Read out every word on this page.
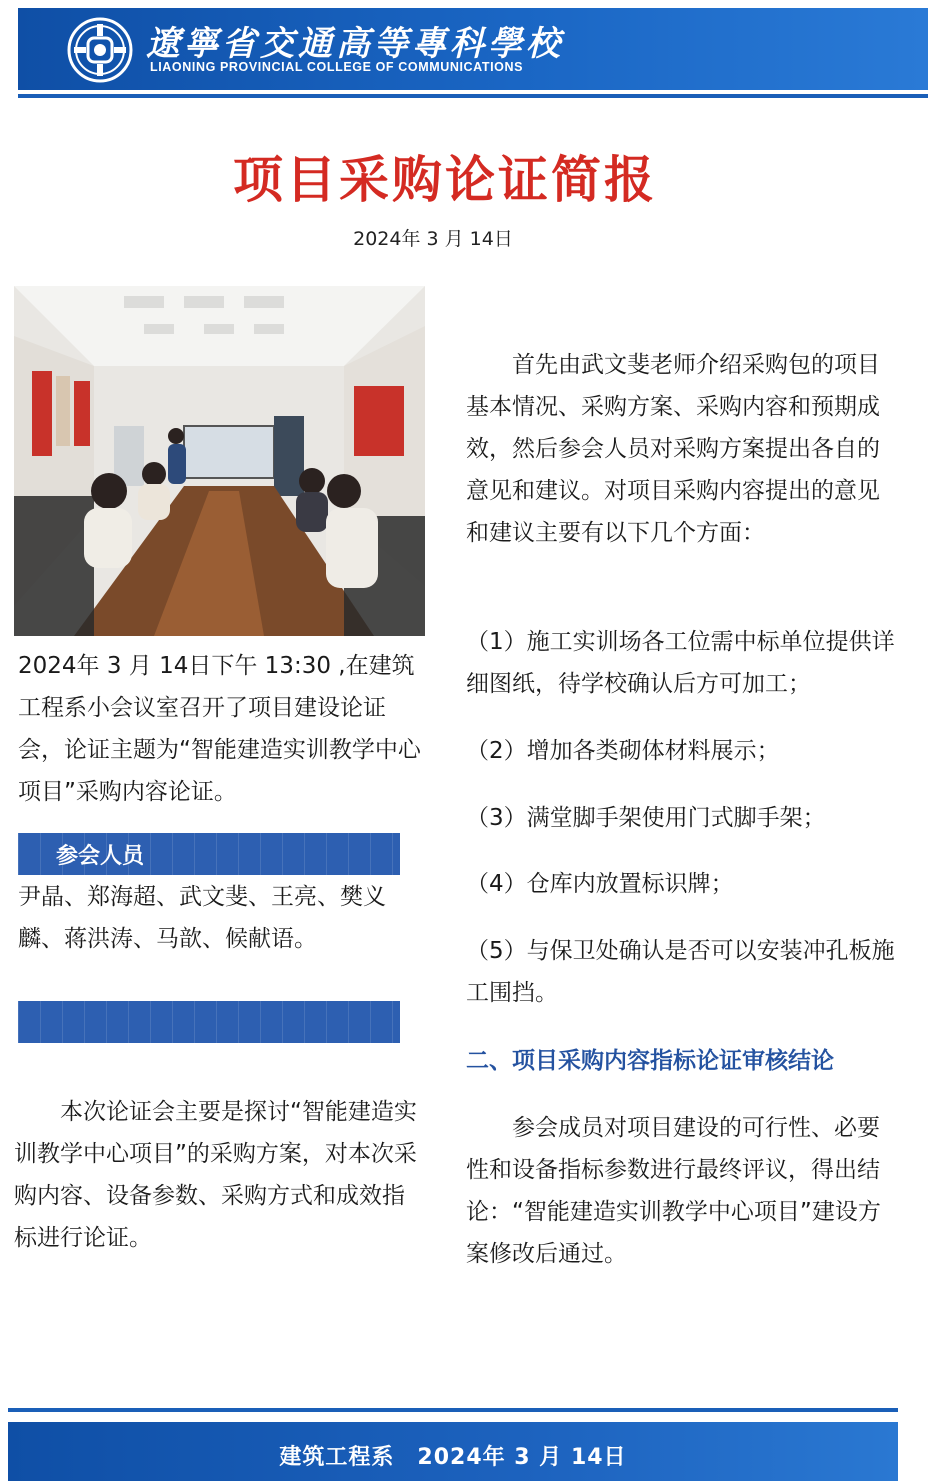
遼寧省交通高等專科學校
LIAONING PROVINCIAL COLLEGE OF COMMUNICATIONS
项目采购论证简报
2024年 3 月 14日
2024年 3 月 14日下午 13:30 ,在建筑工程系小会议室召开了项目建设论证会，论证主题为“智能建造实训教学中心项目”采购内容论证。
参会人员
尹晶、郑海超、武文斐、王亮、樊义麟、蒋洪涛、马歆、候献语。
本次论证会主要是探讨“智能建造实训教学中心项目”的采购方案，对本次采购内容、设备参数、采购方式和成效指标进行论证。
首先由武文斐老师介绍采购包的项目基本情况、采购方案、采购内容和预期成效，然后参会人员对采购方案提出各自的意见和建议。对项目采购内容提出的意见和建议主要有以下几个方面：
（1）施工实训场各工位需中标单位提供详细图纸，待学校确认后方可加工；
（2）增加各类砌体材料展示；
（3）满堂脚手架使用门式脚手架；
（4）仓库内放置标识牌；
（5）与保卫处确认是否可以安装冲孔板施工围挡。
二、项目采购内容指标论证审核结论
参会成员对项目建设的可行性、必要性和设备指标参数进行最终评议，得出结论：“智能建造实训教学中心项目”建设方案修改后通过。
建筑工程系　2024年 3 月 14日
